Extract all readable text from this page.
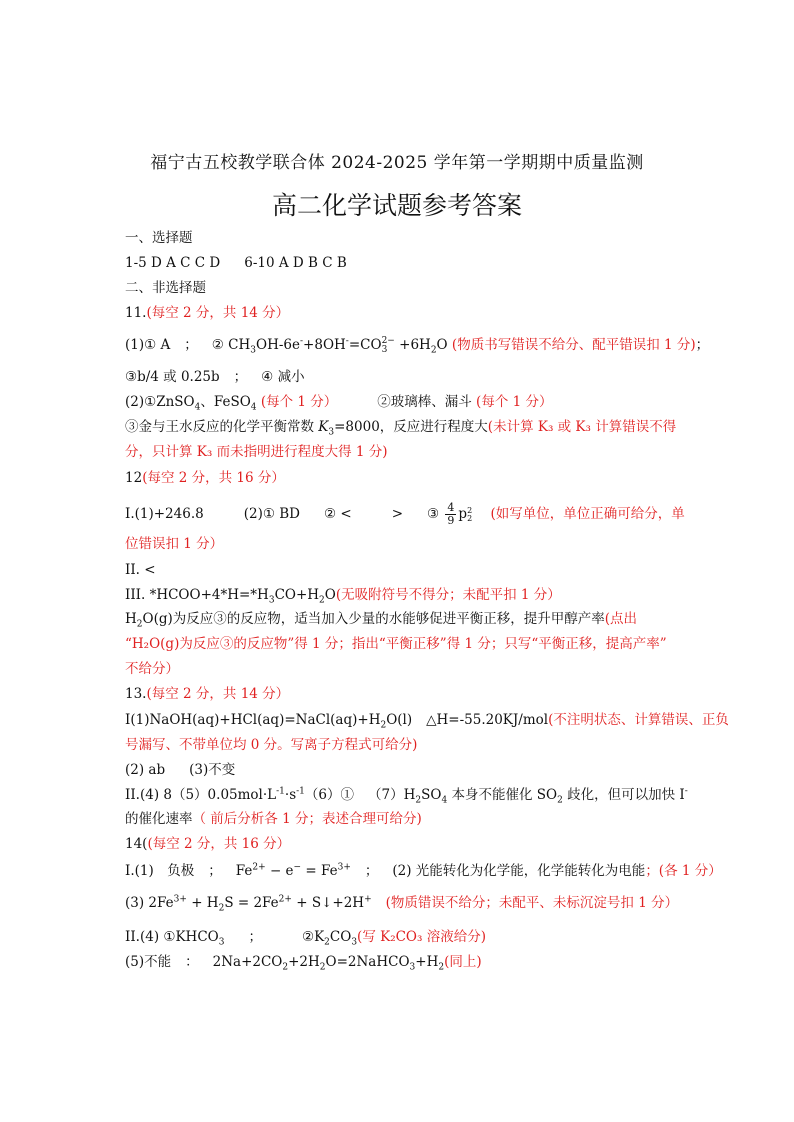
福宁古五校教学联合体 2024-2025 学年第一学期期中质量监测
高二化学试题参考答案
一、选择题
1-5 D A C C D 6-10 A D B C B
二、非选择题
11.(每空 2 分，共 14 分）
(1)① A ； ② $CH_3OH-6e^-+8OH^-=CO$ 2−
$3 +6H_2O$ (物质书写错误不给分、配平错误扣 1 分)；
③b/4 或 0.25b ； ④ 减小
(2)①ZnSO$_4$、FeSO$_4$ (每个 1 分）	②玻璃棒、漏斗 (每个 1 分）
③金与王水反应的化学平衡常数 $K_3=8000$，反应进行程度大(未计算 K₃ 或 K₃ 计算错误不得
分，只计算 K₃ 而未指明进行程度大得 1 分)
12(每空 2 分，共 16 分）
I.(1)+246.8	(2)① BD ② <	> ③ $\frac{4}{9}$ p 2
2 (如写单位，单位正确可给分，单
位错误扣 1 分）
II. <
III. $*HCOO+4*H=*H_3CO+H_2O$(无吸附符号不得分；未配平扣 1 分）
$H_2O(g)$为反应③的反应物，适当加入少量的水能够促进平衡正移，提升甲醇产率(点出
“H₂O(g)为反应③的反应物”得 1 分；指出“平衡正移”得 1 分；只写“平衡正移，提高产率”
不给分）
13.(每空 2 分，共 14 分）
$I(1)NaOH(aq)+HCl(aq)=NaCl(aq)+H_2O(l)$ △H=-55.20KJ/mol(不注明状态、计算错误、正负
号漏写、不带单位均 0 分。写离子方程式可给分)
(2) ab (3)不变
II.(4) $8(5)0.05mol\cdot L^{-1}\cdot s^{-1}(6)①$ $(7)H_2SO_4$ 本身不能催化 $SO_2$ 歧化，但可以加快 I-
的催化速率（ 前后分析各 1 分；表述合理可给分)
14((每空 2 分，共 16 分）
I.(1)　负极 ； $Fe^{2+} - e^- = Fe^{3+}$ ； (2) 光能转化为化学能，化学能转化为电能；(各 1 分）
(3) $2Fe^{3+} + H_2S = 2Fe^{2+}$ + S↓+2H+ (物质错误不给分；未配平、未标沉淀号扣 1 分）
II.(4) $①KHCO_3$ ；	$②K_2CO_3$(写 K₂CO₃ 溶液给分)
(5)不能 ： $2Na+2CO_2+2H_2O=2NaHCO_3+H_2$(同上)
